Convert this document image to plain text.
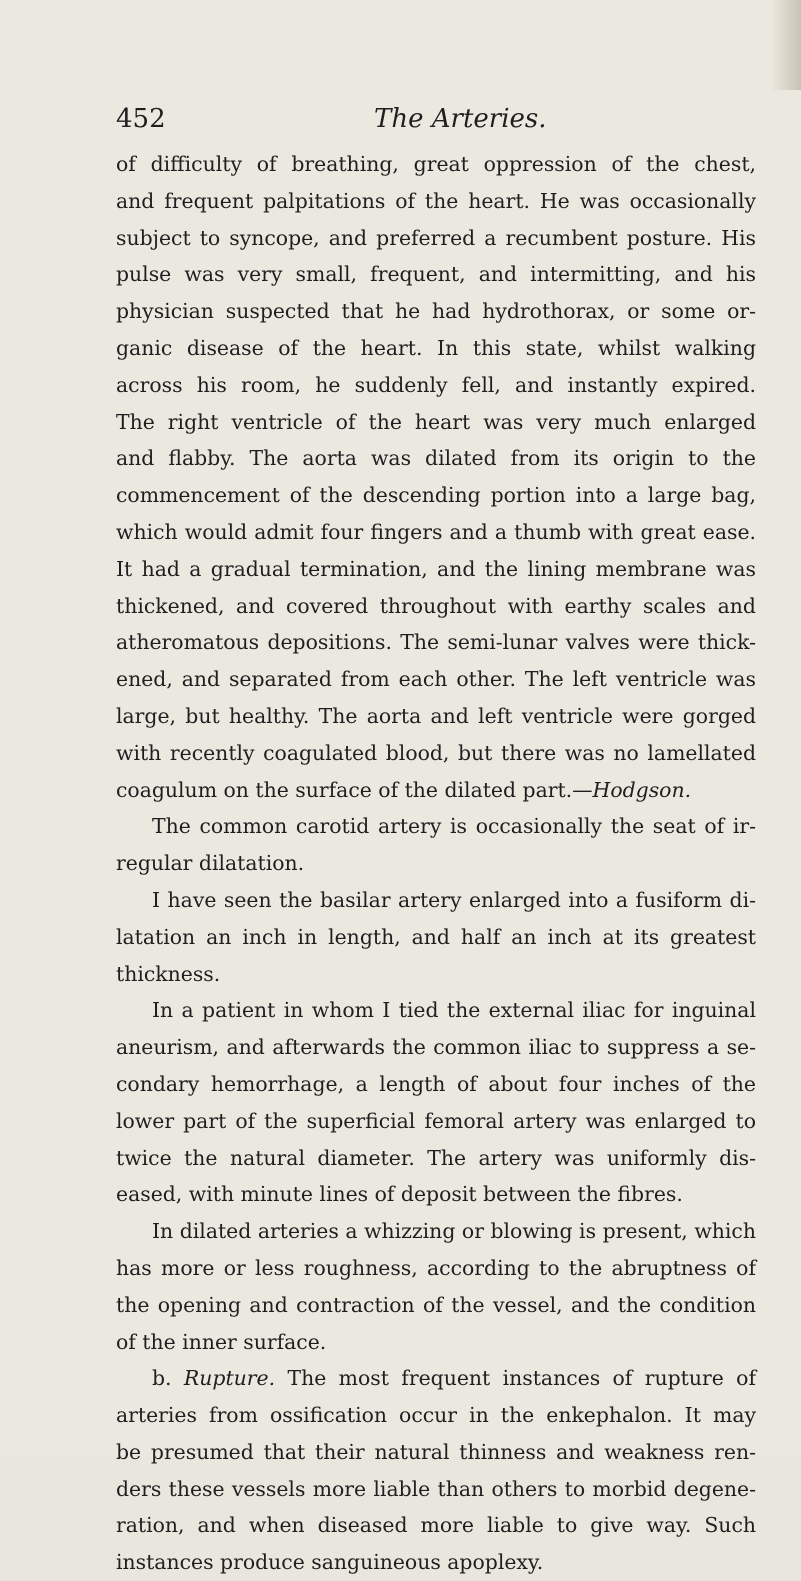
452	The Arteries.
of difficulty of breathing, great oppression of the chest,
and frequent palpitations of the heart. He was occasionally
subject to syncope, and preferred a recumbent posture. His
pulse was very small, frequent, and intermitting, and his
physician suspected that he had hydrothorax, or some or-
ganic disease of the heart. In this state, whilst walking
across his room, he suddenly fell, and instantly expired.
The right ventricle of the heart was very much enlarged
and flabby. The aorta was dilated from its origin to the
commencement of the descending portion into a large bag,
which would admit four fingers and a thumb with great ease.
It had a gradual termination, and the lining membrane was
thickened, and covered throughout with earthy scales and
atheromatous depositions. The semi-lunar valves were thick-
ened, and separated from each other. The left ventricle was
large, but healthy. The aorta and left ventricle were gorged
with recently coagulated blood, but there was no lamellated
coagulum on the surface of the dilated part.—Hodgson.
The common carotid artery is occasionally the seat of ir-
regular dilatation.
I have seen the basilar artery enlarged into a fusiform di-
latation an inch in length, and half an inch at its greatest
thickness.
In a patient in whom I tied the external iliac for inguinal
aneurism, and afterwards the common iliac to suppress a se-
condary hemorrhage, a length of about four inches of the
lower part of the superficial femoral artery was enlarged to
twice the natural diameter. The artery was uniformly dis-
eased, with minute lines of deposit between the fibres.
In dilated arteries a whizzing or blowing is present, which
has more or less roughness, according to the abruptness of
the opening and contraction of the vessel, and the condition
of the inner surface.
b. Rupture. The most frequent instances of rupture of
arteries from ossification occur in the enkephalon. It may
be presumed that their natural thinness and weakness ren-
ders these vessels more liable than others to morbid degene-
ration, and when diseased more liable to give way. Such
instances produce sanguineous apoplexy.
